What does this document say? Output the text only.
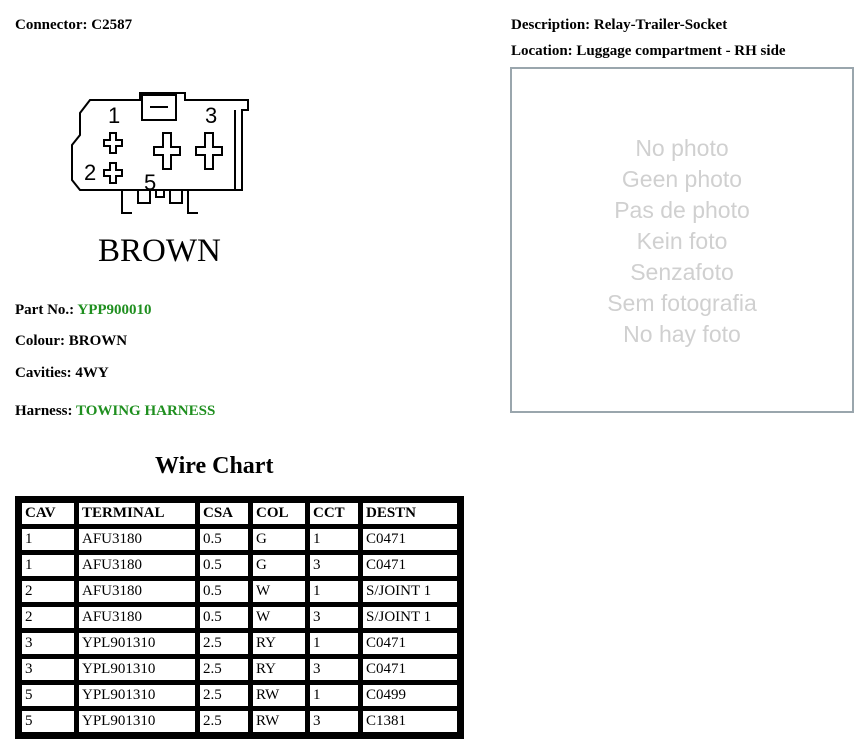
Connector: C2587	Description: Relay-Trailer-Socket
Location: Luggage compartment - RH side
1	3
2 5
BROWN
Part No.: YPP900010
Colour: BROWN
Cavities: 4WY
Harness: TOWING HARNESS
No photo
Geen photo
Pas de photo
Kein foto
Senzafoto
Sem fotografia
No hay foto
Wire Chart
CAV	TERMINAL	CSA	COL	CCT	DESTN
1	AFU3180	0.5	G	1	C0471
1	AFU3180	0.5	G	3	C0471
2	AFU3180	0.5	W	1	S/JOINT 1
2	AFU3180	0.5	W	3	S/JOINT 1
3	YPL901310	2.5	RY	1	C0471
3	YPL901310	2.5	RY	3	C0471
5	YPL901310	2.5	RW	1	C0499
5	YPL901310	2.5	RW	3	C1381
